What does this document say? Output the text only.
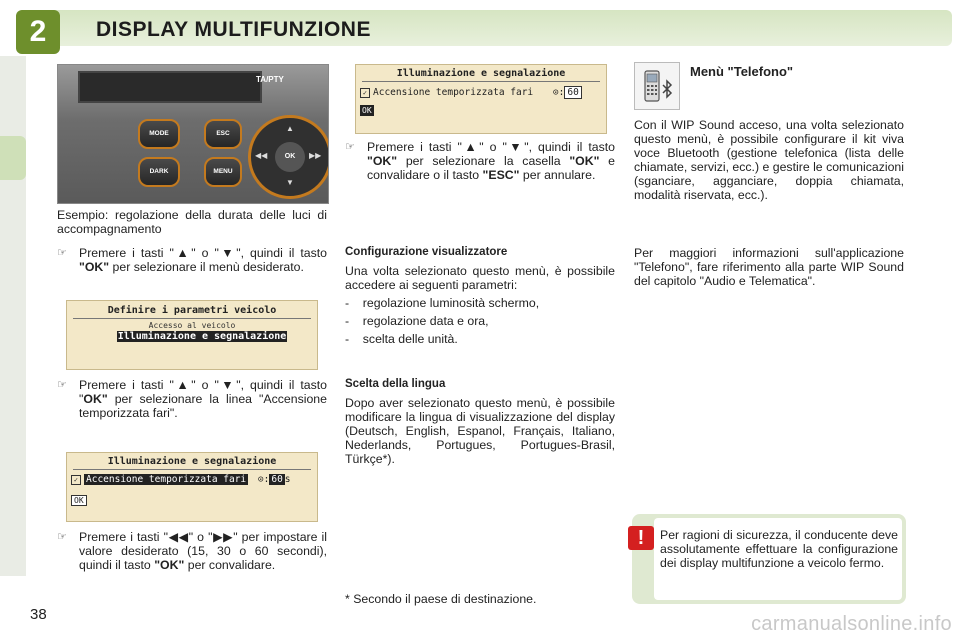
2	DISPLAY MULTIFUNZIONE
TA/PTY
MODE
DARK
ESC
MENU
OK
▲
▼
◀◀	▶▶
Esempio: regolazione della durata delle luci di accompagnamento
☞ Premere i tasti "▲" o "▼", quindi il tasto "OK" per selezionare il menù desiderato.
Definire i parametri veicolo
Accesso al veicolo
Illuminazione e segnalazione
☞ Premere i tasti "▲" o "▼", quindi il tasto "OK" per selezionare la linea "Accensione temporizzata fari".
Illuminazione e segnalazione
✓ Accensione temporizzata fari ⊙: 60 s
OK
☞ Premere i tasti "◀◀" o "▶▶" per impostare il valore desiderato (15, 30 o 60 secondi), quindi il tasto "OK" per convalidare.
Illuminazione e segnalazione
✓ Accensione temporizzata fari ⊙: 60
OK
☞ Premere i tasti "▲" o "▼", quindi il tasto "OK" per selezionare la casella "OK" e convalidare o il tasto "ESC" per annulare.
Configurazione visualizzatore
Una volta selezionato questo menù, è possibile accedere ai seguenti parametri:
-    regolazione luminosità schermo,
-    regolazione data e ora,
-    scelta delle unità.
Scelta della lingua
Dopo aver selezionato questo menù, è possibile modificare la lingua di visualizzazione del display (Deutsch, English, Espanol, Français, Italiano, Nederlands, Portugues, Portugues-Brasil, Türkçe*).
* Secondo il paese di destinazione.
Menù "Telefono"
Con il WIP Sound acceso, una volta selezionato questo menù, è possibile configurare il kit viva voce Bluetooth (gestione telefonica (lista delle chiamate, servizi, ecc.) e gestire le comunicazioni (sganciare, agganciare, doppia chiamata, modalità riservata, ecc.).
Per maggiori informazioni sull'applicazione "Telefono", fare riferimento alla parte WIP Sound del capitolo "Audio e Telematica".
!	Per ragioni di sicurezza, il conducente deve assolutamente effettuare la configurazione dei display multifunzione a veicolo fermo.
38	carmanualsonline.info
